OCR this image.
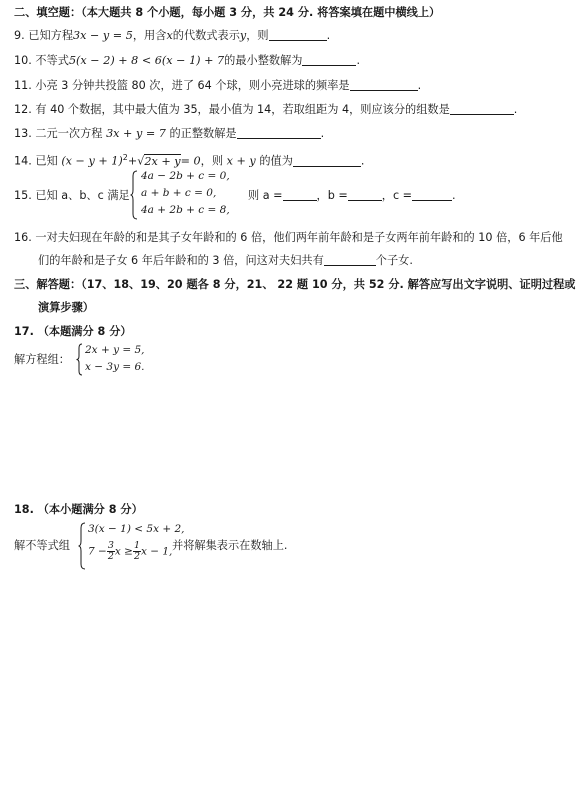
二、填空题：（本大题共 8 个小题，每小题 3 分，共 24 分. 将答案填在题中横线上）
9. 已知方程3x − y = 5，用含x的代数式表示y，则	.
10. 不等式5(x − 2) + 8 < 6(x − 1) + 7的最小整数解为	.
11. 小亮 3 分钟共投篮 80 次，进了 64 个球，则小亮进球的频率是	.
12. 有 40 个数据，其中最大值为 35，最小值为 14，若取组距为 4，则应该分的组数是	.
13. 二元一次方程 3x + y = 7 的正整数解是	.
14. 已知 $(x - y + 1)^2+√2x + y= 0$，则 x + y 的值为	.
15. 已知 a、b、c 满足
4a − 2b + c = 0,
a + b + c = 0,
4a + 2b + c = 8,
则 a =	，b =	，c =	.
16. 一对夫妇现在年龄的和是其子女年龄和的 6 倍，他们两年前年龄和是子女两年前年龄和的 10 倍，6 年后他
们的年龄和是子女 6 年后年龄和的 3 倍，问这对夫妇共有	个子女.
三、解答题：（17、18、19、20 题各 8 分，21、 22 题 10 分，共 52 分. 解答应写出文字说明、证明过程或
演算步骤）
17. （本题满分 8 分）
解方程组：
2x + y = 5,
x − 3y = 6.
18. （本小题满分 8 分）
解不等式组
3(x − 1) < 5x + 2,
$7 - \frac{3}{2}$ $x \ge \frac{1}{2}$ x − 1, 并将解集表示在数轴上.
